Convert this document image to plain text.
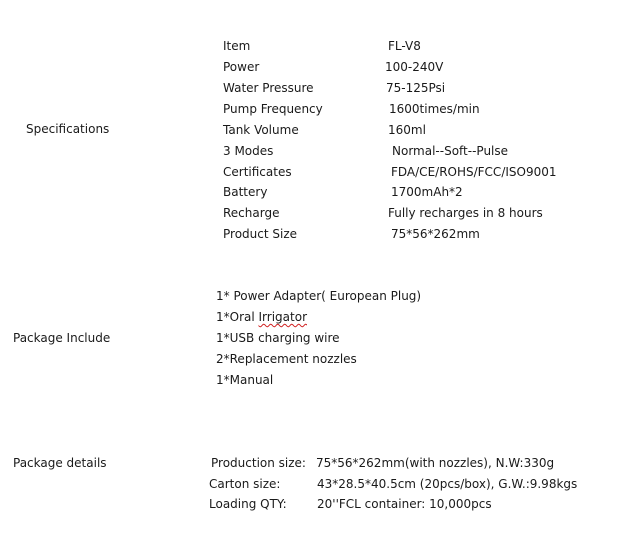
Specifications
Item	FL-V8
Power	100-240V
Water Pressure	75-125Psi
Pump Frequency	1600times/min
Tank Volume	160ml
3 Modes	Normal--Soft--Pulse
Certificates	FDA/CE/ROHS/FCC/ISO9001
Battery	1700mAh*2
Recharge	Fully recharges in 8 hours
Product Size	75*56*262mm
Package Include
1* Power Adapter( European Plug)
1*Oral Irrigator
1*USB charging wire
2*Replacement nozzles
1*Manual
Package details	Production size: 75*56*262mm(with nozzles), N.W:330g
Carton size:	43*28.5*40.5cm (20pcs/box), G.W.:9.98kgs
Loading QTY:	20''FCL container: 10,000pcs
